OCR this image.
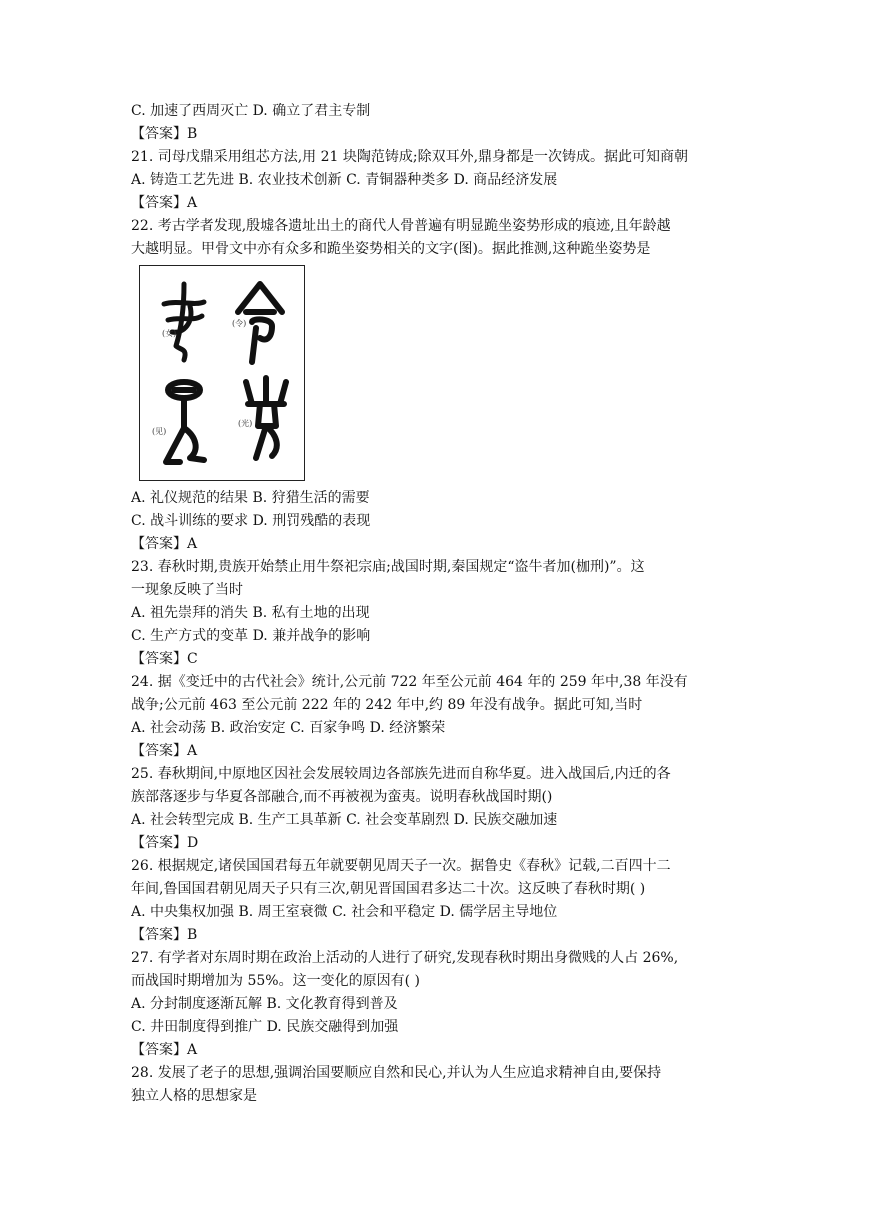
C. 加速了西周灭亡 D. 确立了君主专制
【答案】B
21. 司母戊鼎采用组芯方法,用 21 块陶范铸成;除双耳外,鼎身都是一次铸成。据此可知商朝
A. 铸造工艺先进 B. 农业技术创新 C. 青铜器种类多 D. 商品经济发展
【答案】A
22. 考古学者发现,殷墟各遗址出土的商代人骨普遍有明显跪坐姿势形成的痕迹,且年龄越
大越明显。甲骨文中亦有众多和跪坐姿势相关的文字(图)。据此推测,这种跪坐姿势是
(女)
(令)
(见)
(光)
A. 礼仪规范的结果 B. 狩猎生活的需要
C. 战斗训练的要求 D. 刑罚残酷的表现
【答案】A
23. 春秋时期,贵族开始禁止用牛祭祀宗庙;战国时期,秦国规定“盗牛者加(枷刑)”。这
一现象反映了当时
A. 祖先崇拜的消失 B. 私有土地的出现
C. 生产方式的变革 D. 兼并战争的影响
【答案】C
24. 据《变迁中的古代社会》统计,公元前 722 年至公元前 464 年的 259 年中,38 年没有
战争;公元前 463 至公元前 222 年的 242 年中,约 89 年没有战争。据此可知,当时
A. 社会动荡 B. 政治安定 C. 百家争鸣 D. 经济繁荣
【答案】A
25. 春秋期间,中原地区因社会发展较周边各部族先进而自称华夏。进入战国后,内迁的各
族部落逐步与华夏各部融合,而不再被视为蛮夷。说明春秋战国时期()
A. 社会转型完成 B. 生产工具革新 C. 社会变革剧烈 D. 民族交融加速
【答案】D
26. 根据规定,诸侯国国君每五年就要朝见周天子一次。据鲁史《春秋》记载,二百四十二
年间,鲁国国君朝见周天子只有三次,朝见晋国国君多达二十次。这反映了春秋时期( )
A. 中央集权加强 B. 周王室衰微 C. 社会和平稳定 D. 儒学居主导地位
【答案】B
27. 有学者对东周时期在政治上活动的人进行了研究,发现春秋时期出身微贱的人占 26%,
而战国时期增加为 55%。这一变化的原因有( )
A. 分封制度逐渐瓦解 B. 文化教育得到普及
C. 井田制度得到推广 D. 民族交融得到加强
【答案】A
28. 发展了老子的思想,强调治国要顺应自然和民心,并认为人生应追求精神自由,要保持
独立人格的思想家是
